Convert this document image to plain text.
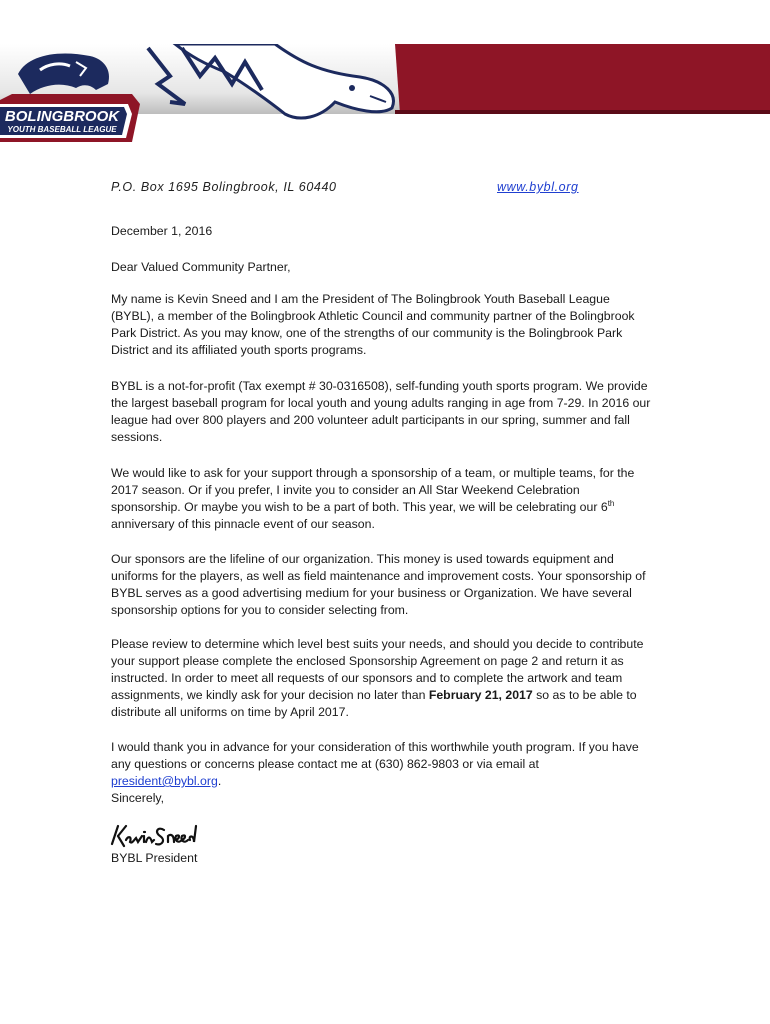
BOLINGBROOK
YOUTH BASEBALL LEAGUE
P.O. Box 1695 Bolingbrook, IL 60440	www.bybl.org

December 1, 2016

Dear Valued Community Partner,

My name is Kevin Sneed and I am the President of The Bolingbrook Youth Baseball League (BYBL), a member of the Bolingbrook Athletic Council and community partner of the Bolingbrook Park District. As you may know, one of the strengths of our community is the Bolingbrook Park District and its affiliated youth sports programs.

BYBL is a not-for-profit (Tax exempt # 30-0316508), self-funding youth sports program. We provide the largest baseball program for local youth and young adults ranging in age from 7-29. In 2016 our league had over 800 players and 200 volunteer adult participants in our spring, summer and fall sessions.

We would like to ask for your support through a sponsorship of a team, or multiple teams, for the 2017 season. Or if you prefer, I invite you to consider an All Star Weekend Celebration sponsorship. Or maybe you wish to be a part of both. This year, we will be celebrating our 6th anniversary of this pinnacle event of our season.

Our sponsors are the lifeline of our organization. This money is used towards equipment and uniforms for the players, as well as field maintenance and improvement costs. Your sponsorship of BYBL serves as a good advertising medium for your business or Organization. We have several sponsorship options for you to consider selecting from.

Please review to determine which level best suits your needs, and should you decide to contribute your support please complete the enclosed Sponsorship Agreement on page 2 and return it as instructed. In order to meet all requests of our sponsors and to complete the artwork and team assignments, we kindly ask for your decision no later than February 21, 2017 so as to be able to distribute all uniforms on time by April 2017.

I would thank you in advance for your consideration of this worthwhile youth program. If you have any questions or concerns please contact me at (630) 862-9803 or via email at president@bybl.org.

Sincerely,

BYBL President
